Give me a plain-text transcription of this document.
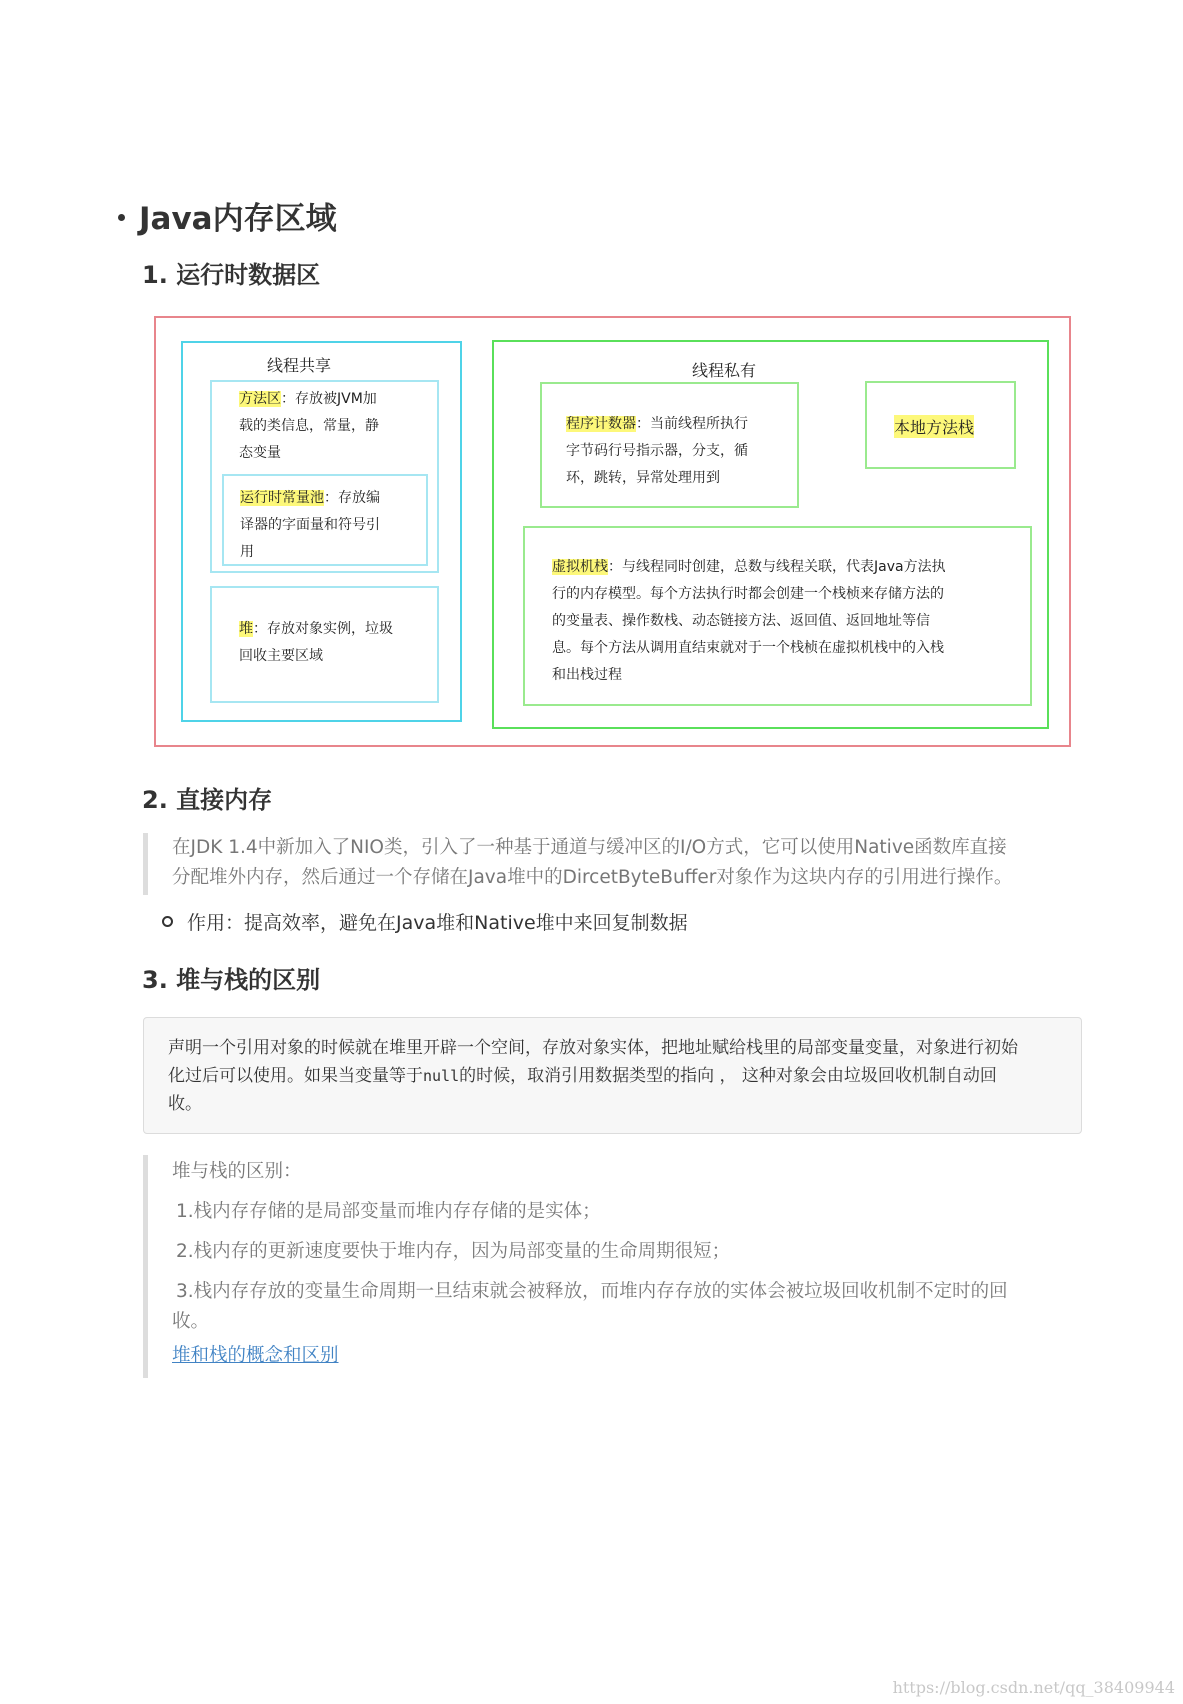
Java内存区域
1. 运行时数据区
线程共享
方法区：存放被JVM加
载的类信息，常量，静
态变量
运行时常量池：存放编
译器的字面量和符号引
用
堆：存放对象实例，垃圾
回收主要区域
线程私有
程序计数器：当前线程所执行
字节码行号指示器，分支，循
环，跳转，异常处理用到
本地方法栈
虚拟机栈：与线程同时创建，总数与线程关联，代表Java方法执
行的内存模型。每个方法执行时都会创建一个栈桢来存储方法的
的变量表、操作数栈、动态链接方法、返回值、返回地址等信
息。每个方法从调用直结束就对于一个栈桢在虚拟机栈中的入栈
和出栈过程
2. 直接内存
在JDK 1.4中新加入了NIO类，引入了一种基于通道与缓冲区的I/O方式，它可以使用Native函数库直接
分配堆外内存，然后通过一个存储在Java堆中的DircetByteBuffer对象作为这块内存的引用进行操作。
作用：提高效率，避免在Java堆和Native堆中来回复制数据
3. 堆与栈的区别
声明一个引用对象的时候就在堆里开辟一个空间，存放对象实体，把地址赋给栈里的局部变量变量，对象进行初始
化过后可以使用。如果当变量等于null的时候，取消引用数据类型的指向 ， 这种对象会由垃圾回收机制自动回
收。
堆与栈的区别：
1.栈内存存储的是局部变量而堆内存存储的是实体；
2.栈内存的更新速度要快于堆内存，因为局部变量的生命周期很短；
3.栈内存存放的变量生命周期一旦结束就会被释放，而堆内存存放的实体会被垃圾回收机制不定时的回
收。
堆和栈的概念和区别
https://blog.csdn.net/qq_38409944
